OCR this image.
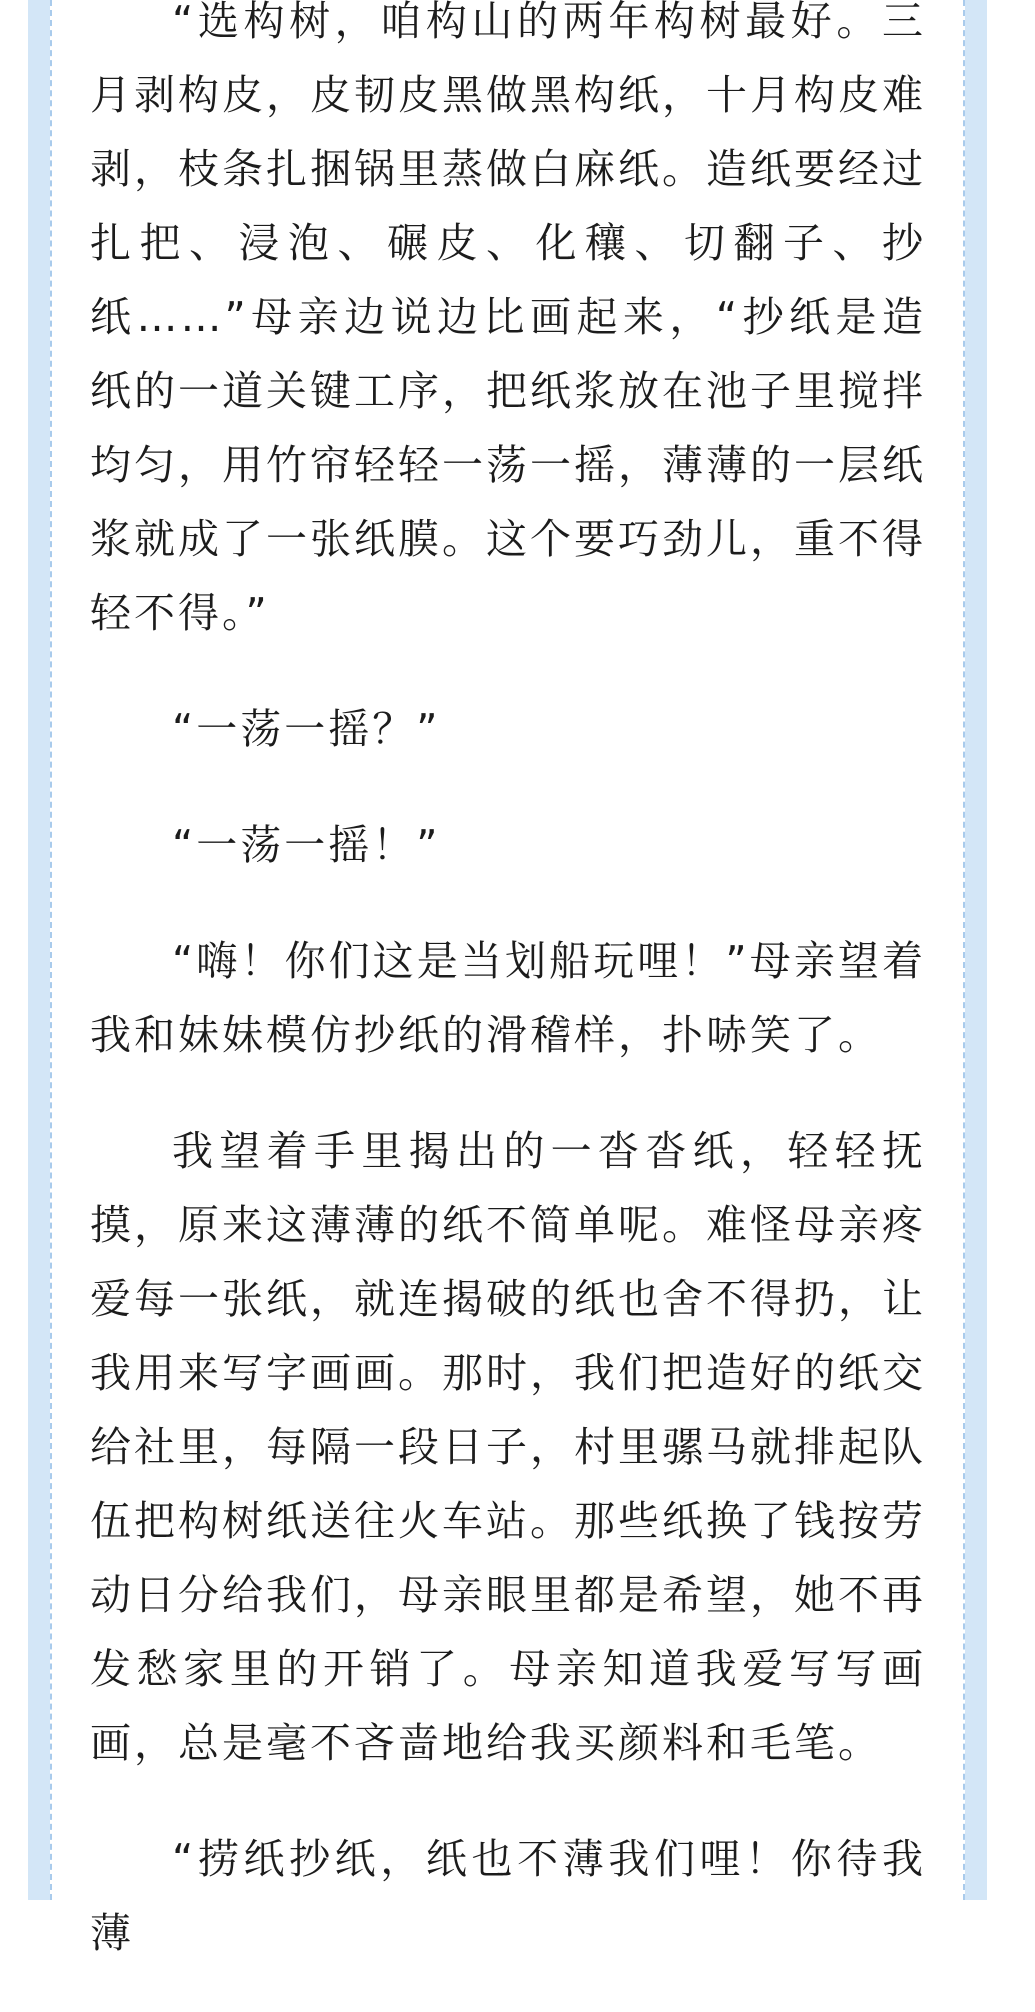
“选构树，咱构山的两年构树最好。三月剥构皮，皮韧皮黑做黑构纸，十月构皮难剥，枝条扎捆锅里蒸做白麻纸。造纸要经过扎把、浸泡、碾皮、化穰、切翻子、抄纸……”母亲边说边比画起来，“抄纸是造纸的一道关键工序，把纸浆放在池子里搅拌均匀，用竹帘轻轻一荡一摇，薄薄的一层纸浆就成了一张纸膜。这个要巧劲儿，重不得轻不得。”

“一荡一摇？”

“一荡一摇！”

“嗨！你们这是当划船玩哩！”母亲望着我和妹妹模仿抄纸的滑稽样，扑哧笑了。

我望着手里揭出的一沓沓纸，轻轻抚摸，原来这薄薄的纸不简单呢。难怪母亲疼爱每一张纸，就连揭破的纸也舍不得扔，让我用来写字画画。那时，我们把造好的纸交给社里，每隔一段日子，村里骡马就排起队伍把构树纸送往火车站。那些纸换了钱按劳动日分给我们，母亲眼里都是希望，她不再发愁家里的开销了。母亲知道我爱写写画画，总是毫不吝啬地给我买颜料和毛笔。

“捞纸抄纸，纸也不薄我们哩！你待我薄
